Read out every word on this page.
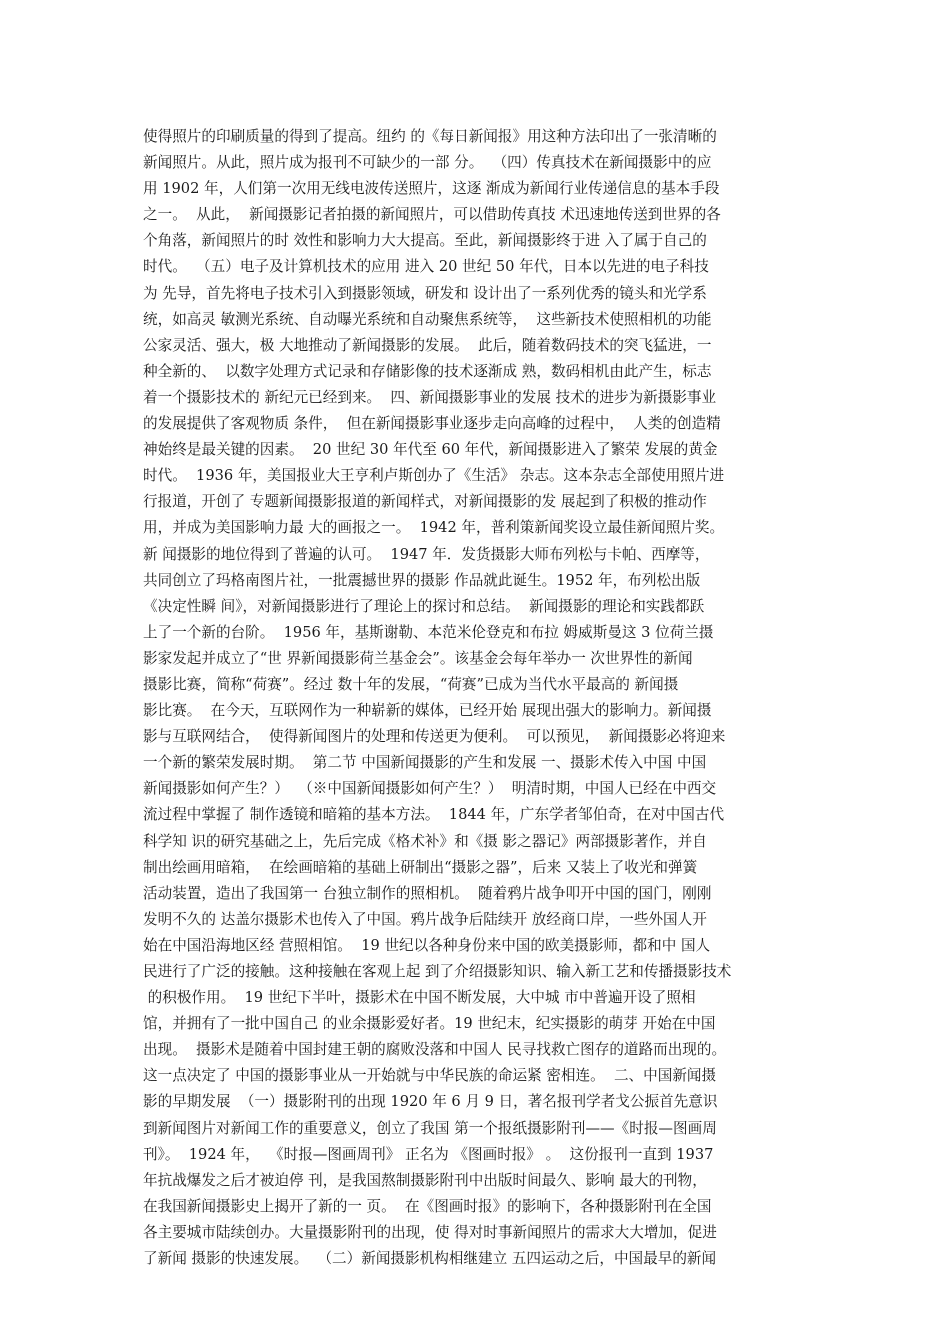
使得照片的印刷质量的得到了提高。纽约 的《每日新闻报》用这种方法印出了一张清晰的
新闻照片。从此，照片成为报刊不可缺少的一部 分。  （四）传真技术在新闻摄影中的应
用 1902 年，人们第一次用无线电波传送照片，这逐 渐成为新闻行业传递信息的基本手段
之一。  从此，  新闻摄影记者拍摄的新闻照片，可以借助传真技 术迅速地传送到世界的各
个角落，新闻照片的时 效性和影响力大大提高。至此，新闻摄影终于进 入了属于自己的
时代。  （五）电子及计算机技术的应用 进入 20 世纪 50 年代，日本以先进的电子科技
为 先导，首先将电子技术引入到摄影领域，研发和 设计出了一系列优秀的镜头和光学系
统，如高灵 敏测光系统、自动曝光系统和自动聚焦系统等，  这些新技术使照相机的功能
公家灵活、强大，极 大地推动了新闻摄影的发展。  此后，随着数码技术的突飞猛进，一
种全新的、  以数字处理方式记录和存储影像的技术逐渐成 熟，数码相机由此产生，标志
着一个摄影技术的 新纪元已经到来。  四、新闻摄影事业的发展 技术的进步为新摄影事业
的发展提供了客观物质 条件，  但在新闻摄影事业逐步走向高峰的过程中，  人类的创造精
神始终是最关键的因素。  20 世纪 30 年代至 60 年代，新闻摄影进入了繁荣 发展的黄金
时代。  1936 年，美国报业大王亨利卢斯创办了《生活》 杂志。这本杂志全部使用照片进
行报道，开创了 专题新闻摄影报道的新闻样式，对新闻摄影的发 展起到了积极的推动作
用，并成为美国影响力最 大的画报之一。  1942 年，普利策新闻奖设立最佳新闻照片奖。
新 闻摄影的地位得到了普遍的认可。  1947 年．发货摄影大师布列松与卡帕、西摩等，
共同创立了玛格南图片社，一批震撼世界的摄影 作品就此诞生。1952 年，布列松出版
《决定性瞬 间》，对新闻摄影进行了理论上的探讨和总结。  新闻摄影的理论和实践都跃
上了一个新的台阶。  1956 年，基斯谢勒、本范米伦登克和布拉 姆威斯曼这 3 位荷兰摄
影家发起并成立了“世 界新闻摄影荷兰基金会”。该基金会每年举办一 次世界性的新闻
摄影比赛，简称“荷赛”。经过 数十年的发展，“荷赛”已成为当代水平最高的 新闻摄
影比赛。  在今天，互联网作为一种崭新的媒体，已经开始 展现出强大的影响力。新闻摄
影与互联网结合，  使得新闻图片的处理和传送更为便利。  可以预见，  新闻摄影必将迎来
一个新的繁荣发展时期。  第二节 中国新闻摄影的产生和发展 一、摄影术传入中国 中国
新闻摄影如何产生？）  （※中国新闻摄影如何产生？）  明清时期，中国人已经在中西交
流过程中掌握了 制作透镜和暗箱的基本方法。  1844 年，广东学者邹伯奇，在对中国古代
科学知 识的研究基础之上，先后完成《格术补》和《摄 影之器记》两部摄影著作，并自
制出绘画用暗箱，  在绘画暗箱的基础上研制出“摄影之器”，后来 又装上了收光和弹簧
活动装置，造出了我国第一 台独立制作的照相机。  随着鸦片战争叩开中国的国门，刚刚
发明不久的 达盖尔摄影术也传入了中国。鸦片战争后陆续开 放经商口岸，一些外国人开
始在中国沿海地区经 营照相馆。  19 世纪以各种身份来中国的欧美摄影师，都和中 国人
民进行了广泛的接触。这种接触在客观上起 到了介绍摄影知识、输入新工艺和传播摄影技术
的积极作用。  19 世纪下半叶，摄影术在中国不断发展，大中城 市中普遍开设了照相
馆，并拥有了一批中国自己 的业余摄影爱好者。19 世纪末，纪实摄影的萌芽 开始在中国
出现。  摄影术是随着中国封建王朝的腐败没落和中国人 民寻找救亡图存的道路而出现的。
这一点决定了 中国的摄影事业从一开始就与中华民族的命运紧 密相连。  二、中国新闻摄
影的早期发展  （一）摄影附刊的出现 1920 年 6 月 9 日，著名报刊学者戈公振首先意识
到新闻图片对新闻工作的重要意义，创立了我国 第一个报纸摄影附刊——《时报—图画周
刊》。  1924 年，  《时报—图画周刊》 正名为 《图画时报》 。  这份报刊一直到 1937
年抗战爆发之后才被迫停 刊，是我国熬制摄影附刊中出版时间最久、影响 最大的刊物，
在我国新闻摄影史上揭开了新的一 页。  在《图画时报》的影响下，各种摄影附刊在全国
各主要城市陆续创办。大量摄影附刊的出现，使 得对时事新闻照片的需求大大增加，促进
了新闻 摄影的快速发展。  （二）新闻摄影机构相继建立 五四运动之后，中国最早的新闻
